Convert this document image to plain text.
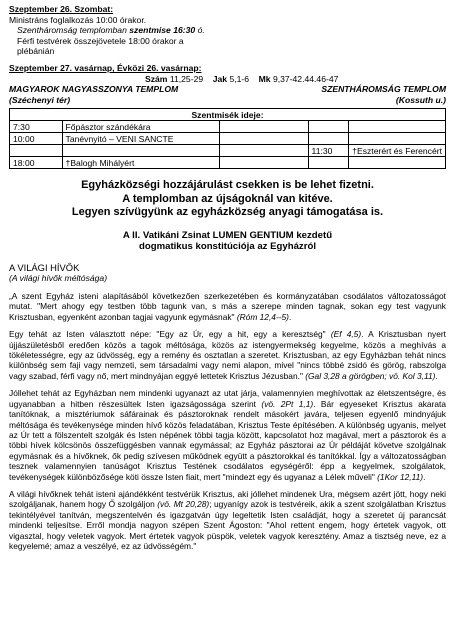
Szeptember 26. Szombat:
Ministráns foglalkozás 10:00 órakor.
Szentháromság templomban szentmise 16:30 ó.
Férfi testvérek összejövetele 18:00 órakor a
plébánián
Szeptember 27. vasárnap, Évközi 26. vasárnap:
Szám 11,25-29 Jak 5,1-6 Mk 9,37-42.44.46-47
MAGYAROK NAGYASSZONYA TEMPLOM	SZENTHÁROMSÁG TEMPLOM
(Széchenyi tér)	(Kossuth u.)
Szentmisék ideje:				
7:30	Főpásztor szándékára			
10:00	Tanévnyitó – VENI SANCTE			
			11:30	†Eszterért és Ferencért
18:00	†Balogh Mihályért			
Egyházközségi hozzájárulást csekken is be lehet fizetni.
A templomban az újságoknál van kitéve.
Legyen szívügyünk az egyházközség anyagi támogatása is.
A II. Vatikáni Zsinat LUMEN GENTIUM kezdetű
dogmatikus konstitúciója az Egyházról
A VILÁGI HÍVŐK
(A világi hívők méltósága)

„A szent Egyház isteni alapításából következően szerkezetében és kormányzatában csodálatos változatosságot mutat. "Mert ahogy egy testben több tagunk van, s más a szerepe minden tagnak, sokan egy test vagyunk Krisztusban, egyenként azonban tagjai vagyunk egymásnak" (Róm 12,4--5).

Egy tehát az Isten választott népe: "Egy az Úr, egy a hit, egy a keresztség" (Ef 4,5). A Krisztusban nyert újjászületésből eredően közös a tagok méltósága, közös az istengyermekség kegyelme, közös a meghívás a tökéletességre, egy az üdvösség, egy a remény és osztatlan a szeretet. Krisztusban, az egy Egyházban tehát nincs különbség sem faji vagy nemzeti, sem társadalmi vagy nemi alapon, mivel "nincs többé zsidó és görög, rabszolga vagy szabad, férfi vagy nő, mert mindnyájan eggyé lettetek Krisztus Jézusban." (Gal 3,28 a görögben; vö. Kol 3,11).

Jóllehet tehát az Egyházban nem mindenki ugyanazt az utat járja, valamennyien meghívottak az életszentségre, és ugyanabban a hitben részesültek Isten igazságossága szerint (vö. 2Pt 1,1). Bár egyeseket Krisztus akarata tanítóknak, a misztériumok sáfárainak és pásztoroknak rendelt másokért javára, teljesen egyenlő mindnyájuk méltósága és tevékenysége minden hívő közös feladatában, Krisztus Teste építésében. A különbség ugyanis, melyet az Úr tett a fölszentelt szolgák és Isten népének többi tagja között, kapcsolatot hoz magával, mert a pásztorok és a többi hívek kölcsönös összefüggésben vannak egymással; az Egyház pásztorai az Úr példáját követve szolgálnak egymásnak és a hívőknek, ők pedig szívesen működnek együtt a pásztorokkal és tanítókkal. Így a változatosságban tesznek valamennyien tanúságot Krisztus Testének csodálatos egységéről: épp a kegyelmek, szolgálatok, tevékenységek különbözősége köti össze Isten fiait, mert "mindezt egy és ugyanaz a Lélek műveli" (1Kor 12,11).

A világi hívőknek tehát isteni ajándékként testvérük Krisztus, aki jóllehet mindenek Ura, mégsem azért jött, hogy neki szolgáljanak, hanem hogy Ő szolgáljon (vö. Mt 20,28); ugyanígy azok is testvéreik, akik a szent szolgálatban Krisztus tekintélyével tanítván, megszentelvén és igazgatván úgy legeltetik Isten családját, hogy a szeretet új parancsát mindenki teljesítse. Erről mondja nagyon szépen Szent Ágoston: "Ahol rettent engem, hogy értetek vagyok, ott vigasztal, hogy veletek vagyok. Mert értetek vagyok püspök, veletek vagyok keresztény. Amaz a tisztség neve, ez a kegyelemé; amaz a veszélyé, ez az üdvösségém."
